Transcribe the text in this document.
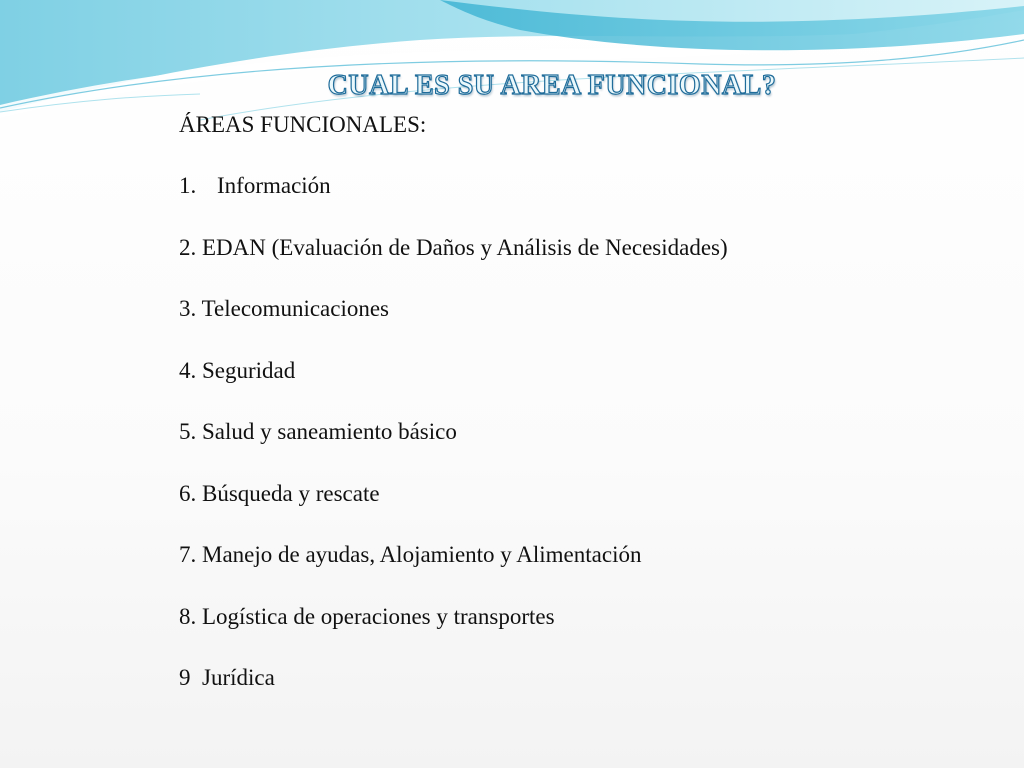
CUAL ES SU AREA FUNCIONAL?
ÁREAS FUNCIONALES:
1. Información
2. EDAN (Evaluación de Daños y Análisis de Necesidades)
3. Telecomunicaciones
4. Seguridad
5. Salud y saneamiento básico
6. Búsqueda y rescate
7. Manejo de ayudas, Alojamiento y Alimentación
8. Logística de operaciones y transportes
9 Jurídica
